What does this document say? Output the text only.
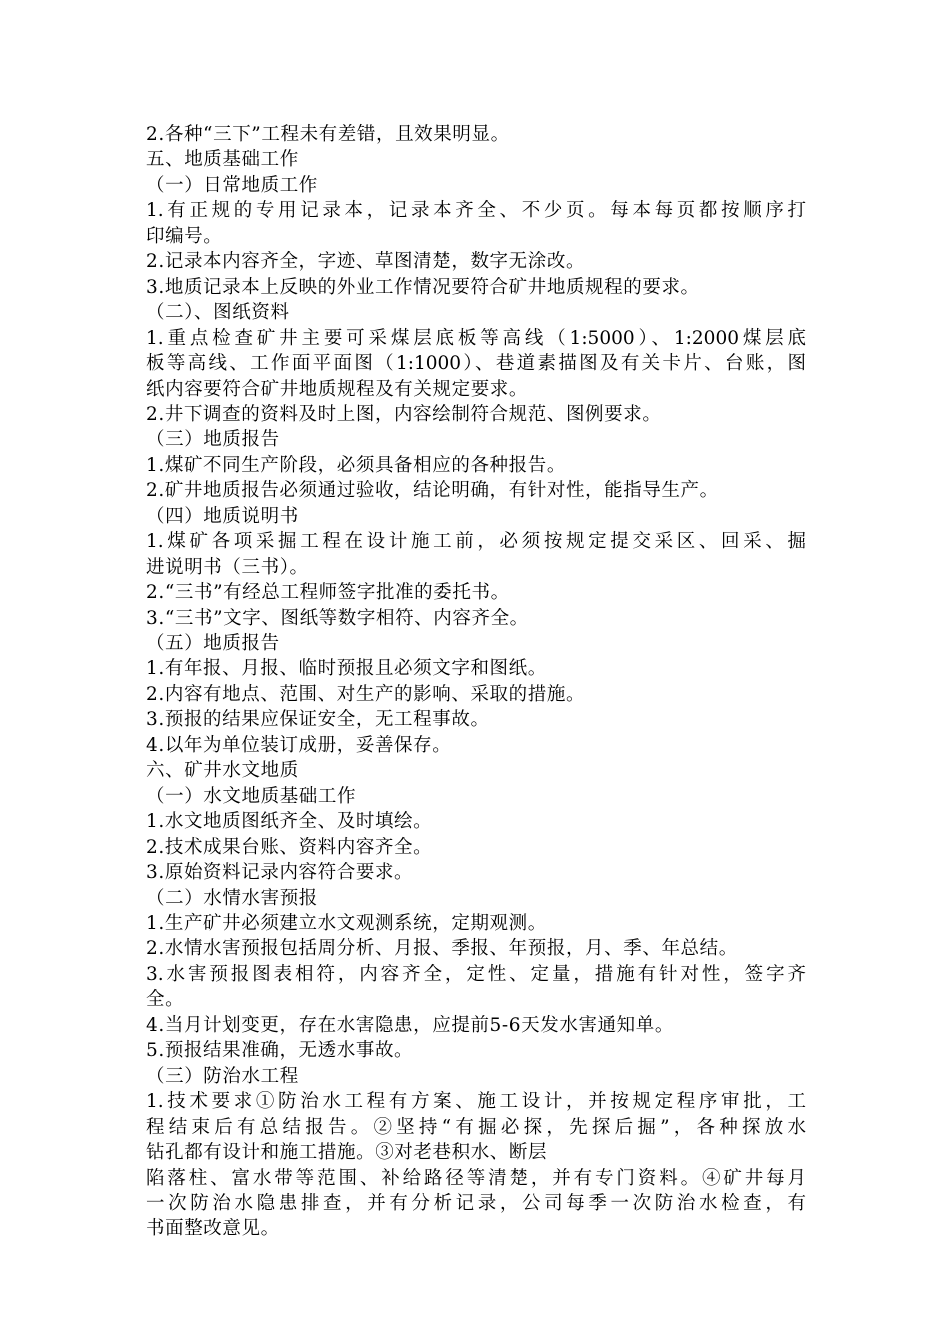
2.各种“三下”工程未有差错，且效果明显。
五、地质基础工作
（一）日常地质工作
1.有正规的专用记录本，记录本齐全、不少页。每本每页都按顺序打
印编号。
2.记录本内容齐全，字迹、草图清楚，数字无涂改。
3.地质记录本上反映的外业工作情况要符合矿井地质规程的要求。
（二）、图纸资料
1.重点检查矿井主要可采煤层底板等高线（1:5000）、1:2000煤层底
板等高线、工作面平面图（1:1000）、巷道素描图及有关卡片、台账，图
纸内容要符合矿井地质规程及有关规定要求。
2.井下调查的资料及时上图，内容绘制符合规范、图例要求。
（三）地质报告
1.煤矿不同生产阶段，必须具备相应的各种报告。
2.矿井地质报告必须通过验收，结论明确，有针对性，能指导生产。
（四）地质说明书
1.煤矿各项采掘工程在设计施工前，必须按规定提交采区、回采、掘
进说明书（三书）。
2.“三书”有经总工程师签字批准的委托书。
3.“三书”文字、图纸等数字相符、内容齐全。
（五）地质报告
1.有年报、月报、临时预报且必须文字和图纸。
2.内容有地点、范围、对生产的影响、采取的措施。
3.预报的结果应保证安全，无工程事故。
4.以年为单位装订成册，妥善保存。
六、矿井水文地质
（一）水文地质基础工作
1.水文地质图纸齐全、及时填绘。
2.技术成果台账、资料内容齐全。
3.原始资料记录内容符合要求。
（二）水情水害预报
1.生产矿井必须建立水文观测系统，定期观测。
2.水情水害预报包括周分析、月报、季报、年预报，月、季、年总结。
3.水害预报图表相符，内容齐全，定性、定量，措施有针对性，签字齐
全。
4.当月计划变更，存在水害隐患，应提前5-6天发水害通知单。
5.预报结果准确，无透水事故。
（三）防治水工程
1.技术要求①防治水工程有方案、施工设计，并按规定程序审批，工
程结束后有总结报告。②坚持“有掘必探，先探后掘”，各种探放水
钻孔都有设计和施工措施。③对老巷积水、断层
陷落柱、富水带等范围、补给路径等清楚，并有专门资料。④矿井每月
一次防治水隐患排查，并有分析记录，公司每季一次防治水检查，有
书面整改意见。
